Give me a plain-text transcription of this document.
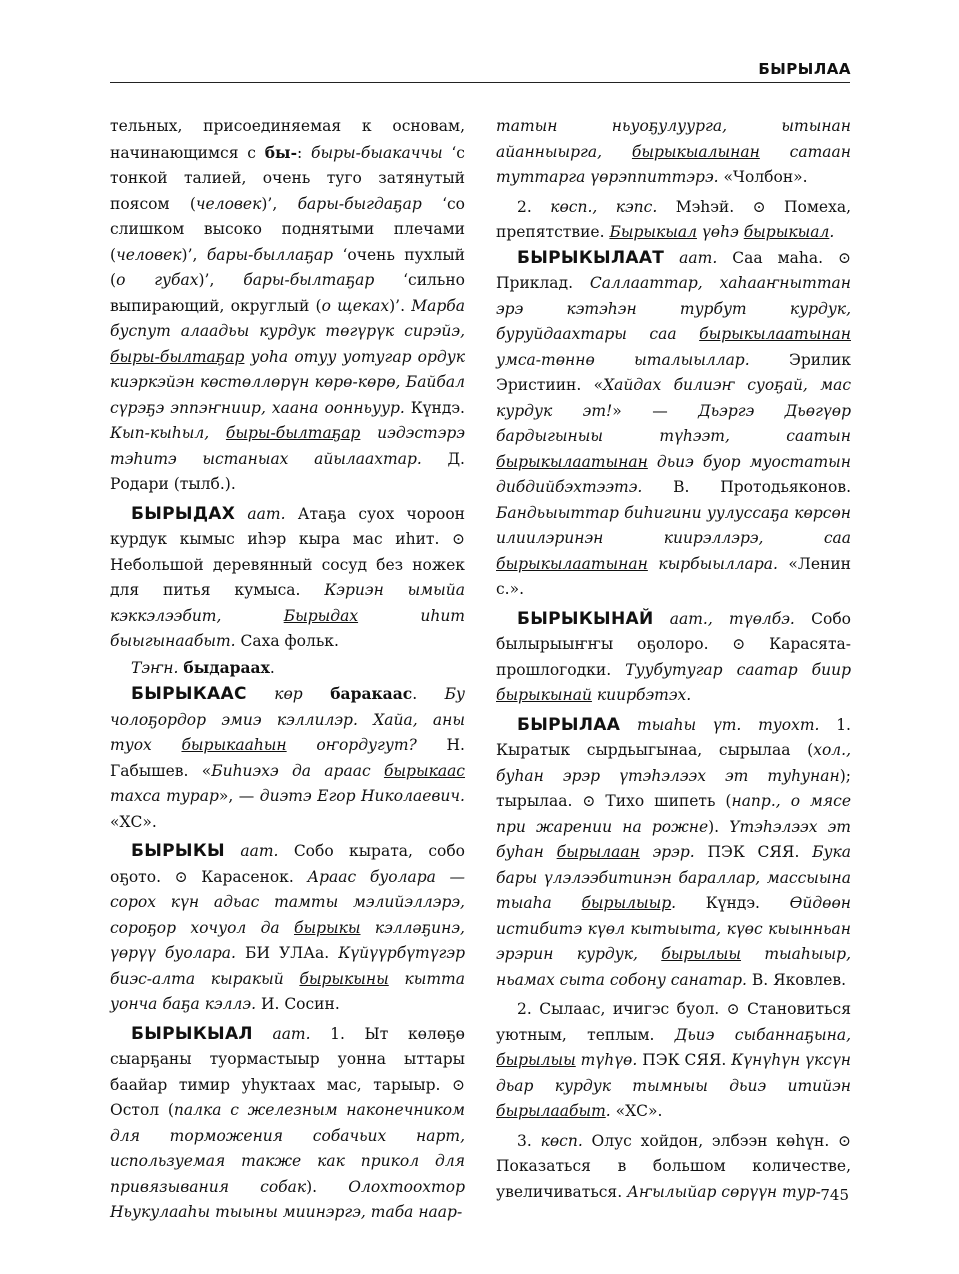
БЫРЫЛАА

тельных, присоединяемая к основам, начинающимся с бы-: быры-быакаччы ‘с тонкой талией, очень туго затянутый поясом (человек)’, бары-быгдаҕар ‘со слишком высоко поднятыми плечами (человек)’, бары-быллаҕар ‘очень пухлый (о губах)’, бары-былтаҕар ‘сильно выпирающий, округлый (о щеках)’. Марба буспут алаадьы курдук төгүрүк сирэйэ, быры-былтаҕар уоһа отуу уотугар ордук киэркэйэн көстөллөрүн көрө-көрө, Байбал сүрэҕэ эппэҥниир, хаана оонньуур. Күндэ. Кып-кыһыл, быры-былтаҕар иэдэстэрэ тэһитэ ыстаныах айылаахтар. Д. Родари (тылб.).

БЫРЫДАХ аат. Атаҕа суох чороон курдук кымыс иһэр кыра мас иһит. ⊙ Небольшой деревянный сосуд без ножек для питья кумыса. Кэриэн ымыйа кэккэлээбит, Бырыдах иһит быыгынаабыт. Саха фольк.

Тэҥн. быдараах.

БЫРЫКААС көр баракаас. Бу чолоҕордор эмиэ кэллилэр. Хайа, аны туох бырыкааһын оҥордугут? Н. Габышев. «Биһиэхэ да араас бырыкаас тахса турар», — диэтэ Егор Николаевич. «ХС».

БЫРЫКЫ аат. Собо кырата, собо оҕото. ⊙ Карасенок. Араас буолара — сорох күн адьас тамты мэлийэллэрэ, сороҕор хочуол да бырыкы кэлләҕинэ, үөрүү буолара. БИ УЛАа. Күйүүрбүтүгэр биэс-алта кыракый бырыкыны кытта уонча баҕа кэллэ. И. Сосин.

БЫРЫКЫАЛ аат. 1. Ыт көлөҕө сыарҕаны туормастыыр уонна ыттары баайар тимир уһуктаах мас, тарыыр. ⊙ Остол (палка с железным наконечником для торможения собачьих нарт, используемая также как прикол для привязывания собак). Олохтоохтор Ньукулааһы тыыны миинэргэ, таба наар-

татын ньуоҕулуурга, ытынан айанныырга, бырыкыалынан сатаан туттарга үөрэппиттэрэ. «Чолбон».

2. көсп., кэпс. Мэһэй. ⊙ Помеха, препятствие. Бырыкыал үөһэ бырыкыал.

БЫРЫКЫЛААТ аат. Саа маһа. ⊙ Приклад. Саллааттар, хаһааҥныттан эрэ кэтэһэн турбут курдук, буруйдаахтары саа бырыкылаатынан умса-төннө ыталыыллар. Эрилик Эристиин. «Хайдах билиэҥ суоҕай, мас курдук эт!» — Дьэргэ Дьөгүөр бардыгыныы түһээт, саатын бырыкылаатынан дьиэ буор муостатын дибдийбэхтээтэ. В. Протодьяконов. Бандьыыттар биһигини уулуссаҕа көрсөн илиилэринэн киирэллэрэ, саа бырыкылаатынан кырбыыллара. «Ленин с.».

БЫРЫКЫНАЙ аат., түөлбэ. Собо былырыыҥҥы оҕолоро. ⊙ Карасята-прошлогодки. Туубутугар саатар биир бырыкынай киирбэтэх.

БЫРЫЛАА тыаһы үт. туохт. 1. Кыратык сырдьыгынаа, сырылаа (хол., буһан эрэр үтэһэлээх эт туһунан); тырылаа. ⊙ Тихо шипеть (напр., о мясе при жарении на рожне). Үтэһэлээх эт буһан бырылаан эрэр. ПЭК СЯЯ. Бука бары үлэлээбитинэн бараллар, массыына тыаһа бырылыыр. Күндэ. Өйдөөн истибитэ күөл кытыыта, күөс кыынньан эрэрин курдук, бырылыы тыаһыыр, ньамах сыта собону санатар. В. Яковлев.

2. Сылаас, ичигэс буол. ⊙ Становиться уютным, теплым. Дьиэ сыбаннаҕына, бырылыы түһүө. ПЭК СЯЯ. Күнүһүн үксүн дьар курдук тымныы дьиэ итийэн бырылаабыт. «ХС».

3. көсп. Олус хойдон, элбээн көһүн. ⊙ Показаться в большом количестве, увеличиваться. Аҥылыйар сөрүүн тур- 745
